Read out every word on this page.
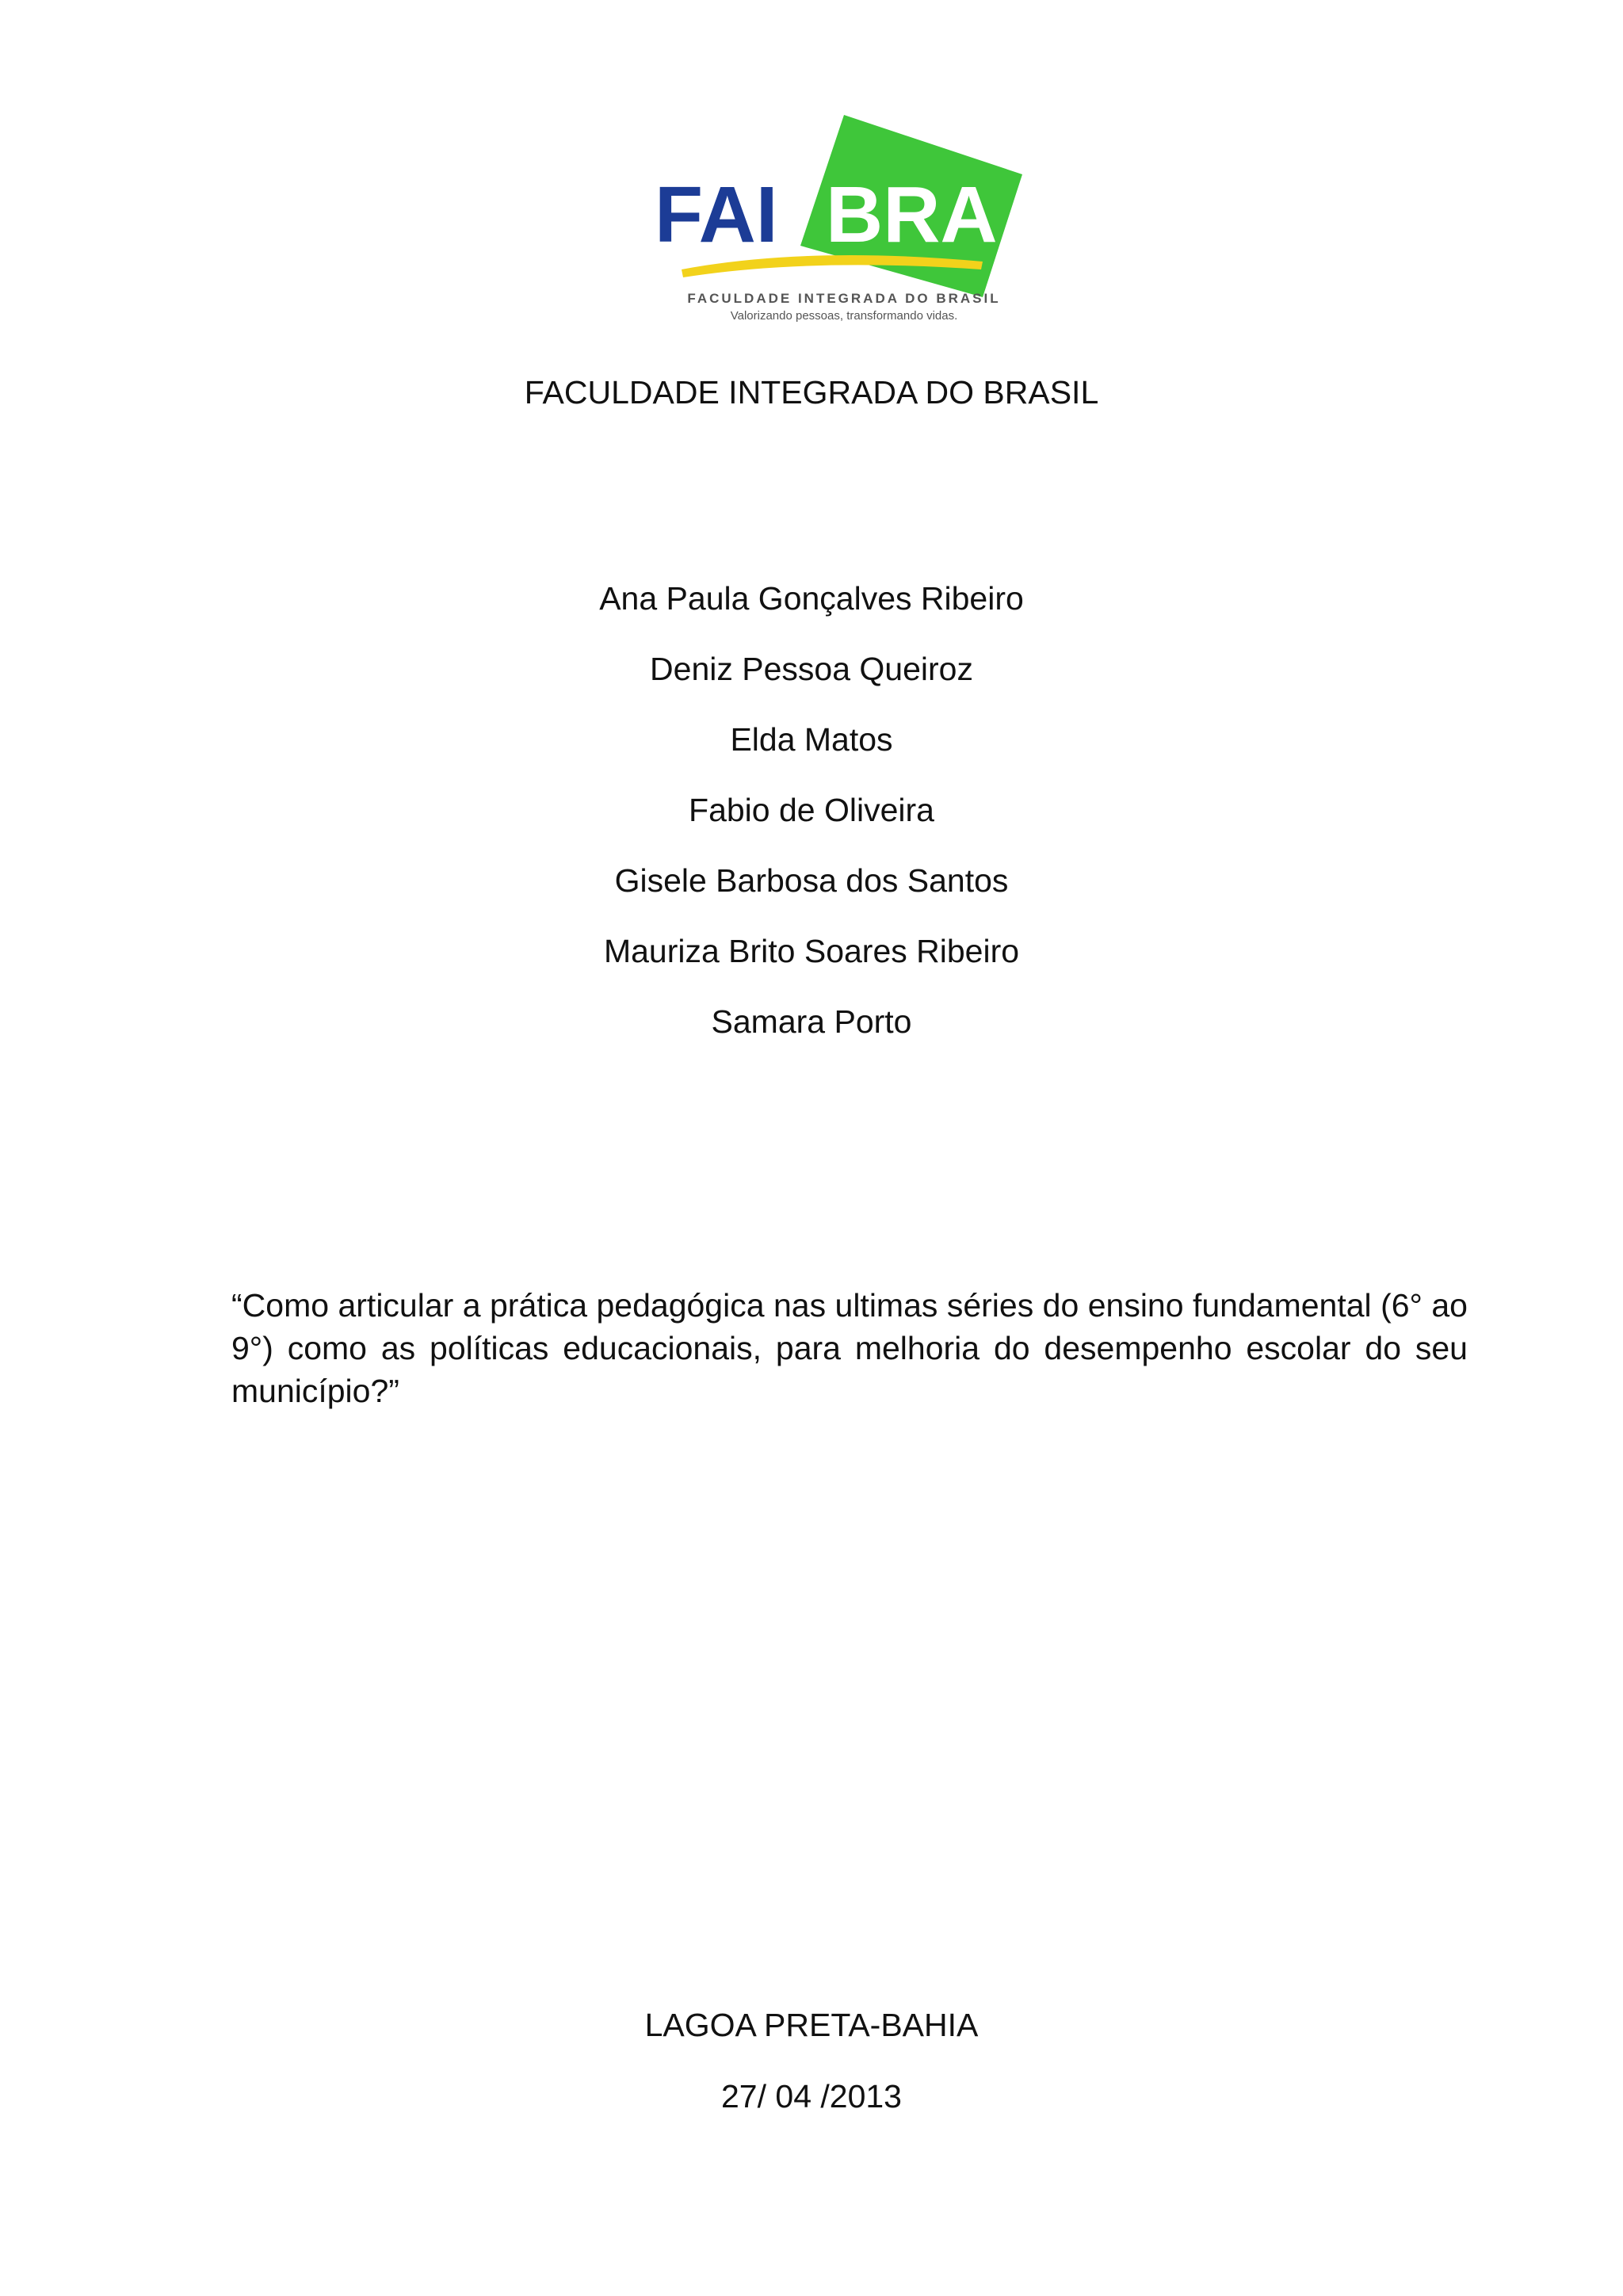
FAI BRA
FACULDADE INTEGRADA DO BRASIL
Valorizando pessoas, transformando vidas.
FACULDADE INTEGRADA DO BRASIL
Ana Paula Gonçalves Ribeiro
Deniz Pessoa Queiroz
Elda Matos
Fabio de Oliveira
Gisele Barbosa dos Santos
Mauriza Brito Soares Ribeiro
Samara Porto

“Como articular a prática pedagógica nas ultimas séries do ensino fundamental (6° ao 9°) como as políticas educacionais, para melhoria do desempenho escolar do seu município?”

LAGOA PRETA-BAHIA
27/ 04 /2013
